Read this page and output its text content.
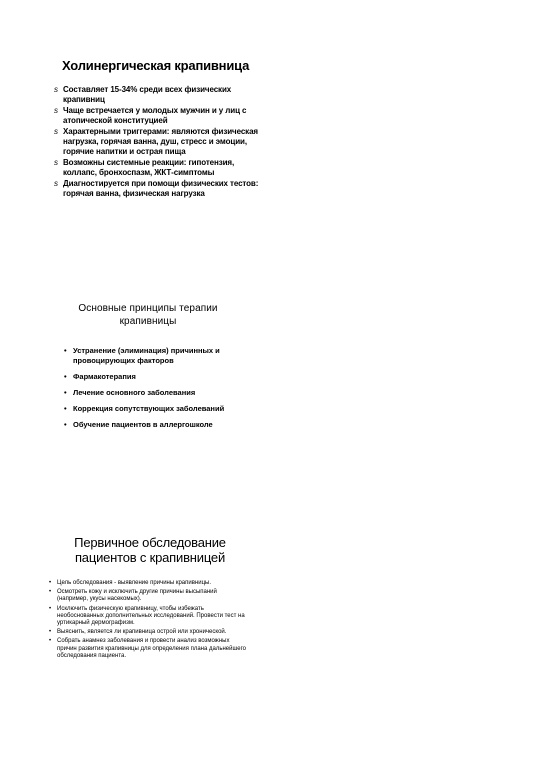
Холинергическая крапивница
s Составляет 15-34% среди всех физических крапивниц
s Чаще встречается у молодых мужчин и у лиц с атопической конституцией
s Характерными триггерами: являются физическая нагрузка, горячая ванна, душ, стресс и эмоции, горячие напитки и острая пища
s Возможны системные реакции: гипотензия, коллапс, бронхоспазм, ЖКТ-симптомы
s Диагностируется при помощи физических тестов: горячая ванна, физическая нагрузка
Основные принципы терапии
крапивницы
• Устранение (элиминация) причинных и провоцирующих факторов
• Фармакотерапия
• Лечение основного заболевания
• Коррекция сопутствующих заболеваний
• Обучение пациентов в аллергошколе
Первичное обследование
пациентов с крапивницей
• Цель обследования - выявление причины крапивницы.
• Осмотреть кожу и исключить другие причины высыпаний (например, укусы насекомых).
• Исключить физическую крапивницу, чтобы избежать необоснованных дополнительных исследований. Провести тест на уртикарный дермографизм.
• Выяснить, является ли крапивница острой или хронической.
• Собрать анамнез заболевания и провести анализ возможных причин развития крапивницы для определения плана дальнейшего обследования пациента.
